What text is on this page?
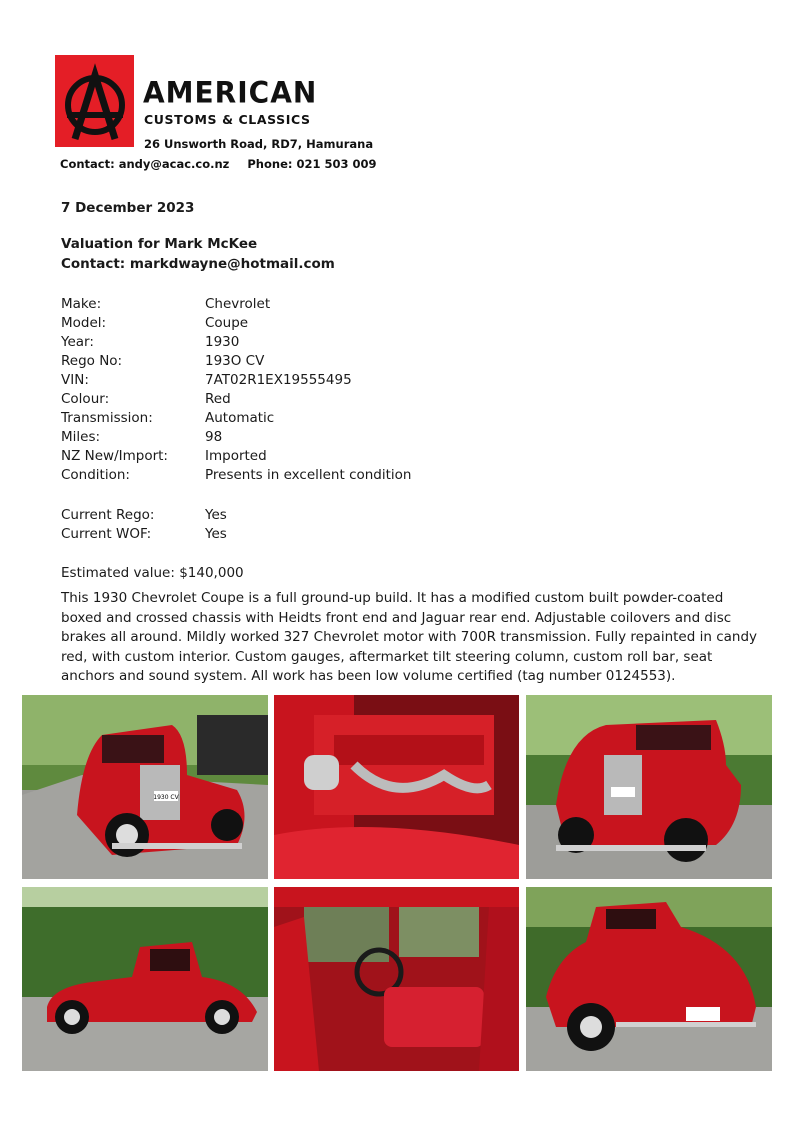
AMERICAN
CUSTOMS & CLASSICS
26 Unsworth Road, RD7, Hamurana
Contact: andy@acac.co.nz Phone: 021 503 009
7 December 2023
Valuation for Mark McKee
Contact: markdwayne@hotmail.com
Make:	Chevrolet
Model:	Coupe
Year:	1930
Rego No:	193O CV
VIN:	7AT02R1EX19555495
Colour:	Red
Transmission:	Automatic
Miles:	98
NZ New/Import:	Imported
Condition:	Presents in excellent condition
Current Rego:	Yes
Current WOF:	Yes
Estimated value: $140,000
This 1930 Chevrolet Coupe is a full ground-up build. It has a modified custom built powder-coated boxed and crossed chassis with Heidts front end and Jaguar rear end. Adjustable coilovers and disc brakes all around. Mildly worked 327 Chevrolet motor with 700R transmission. Fully repainted in candy red, with custom interior. Custom gauges, aftermarket tilt steering column, custom roll bar, seat anchors and sound system. All work has been low volume certified (tag number 0124553).
1930 CV
